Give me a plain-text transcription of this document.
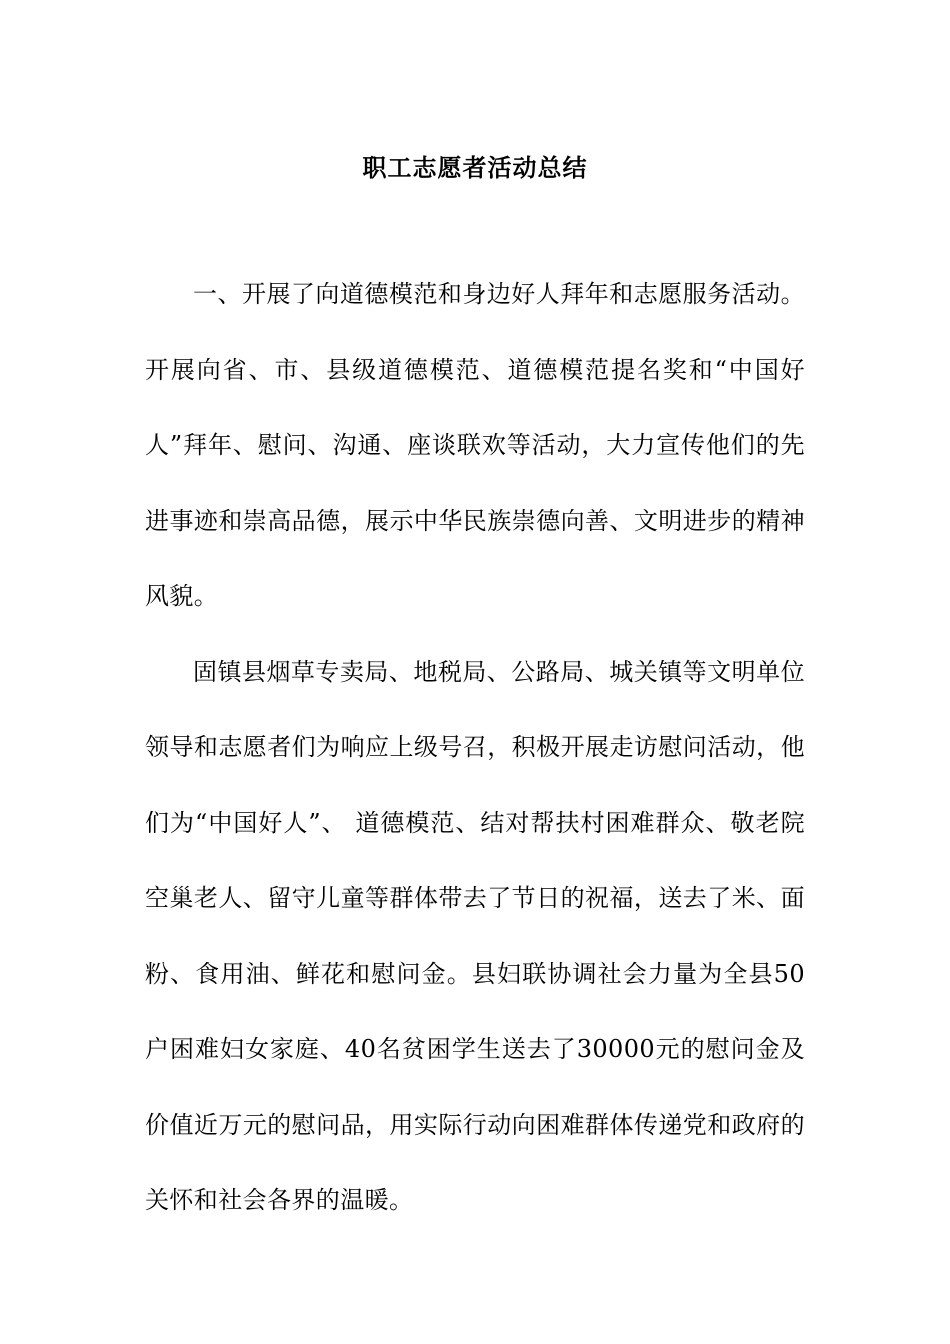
职工志愿者活动总结

一、开展了向道德模范和身边好人拜年和志愿服务活动。开展向省、市、县级道德模范、道德模范提名奖和“中国好人”拜年、慰问、沟通、座谈联欢等活动，大力宣传他们的先进事迹和崇高品德，展示中华民族崇德向善、文明进步的精神风貌。

固镇县烟草专卖局、地税局、公路局、城关镇等文明单位领导和志愿者们为响应上级号召，积极开展走访慰问活动，他们为“中国好人”、 道德模范、结对帮扶村困难群众、敬老院空巢老人、留守儿童等群体带去了节日的祝福，送去了米、面粉、食用油、鲜花和慰问金。县妇联协调社会力量为全县50户困难妇女家庭、40名贫困学生送去了30000元的慰问金及价值近万元的慰问品，用实际行动向困难群体传递党和政府的关怀和社会各界的温暖。
